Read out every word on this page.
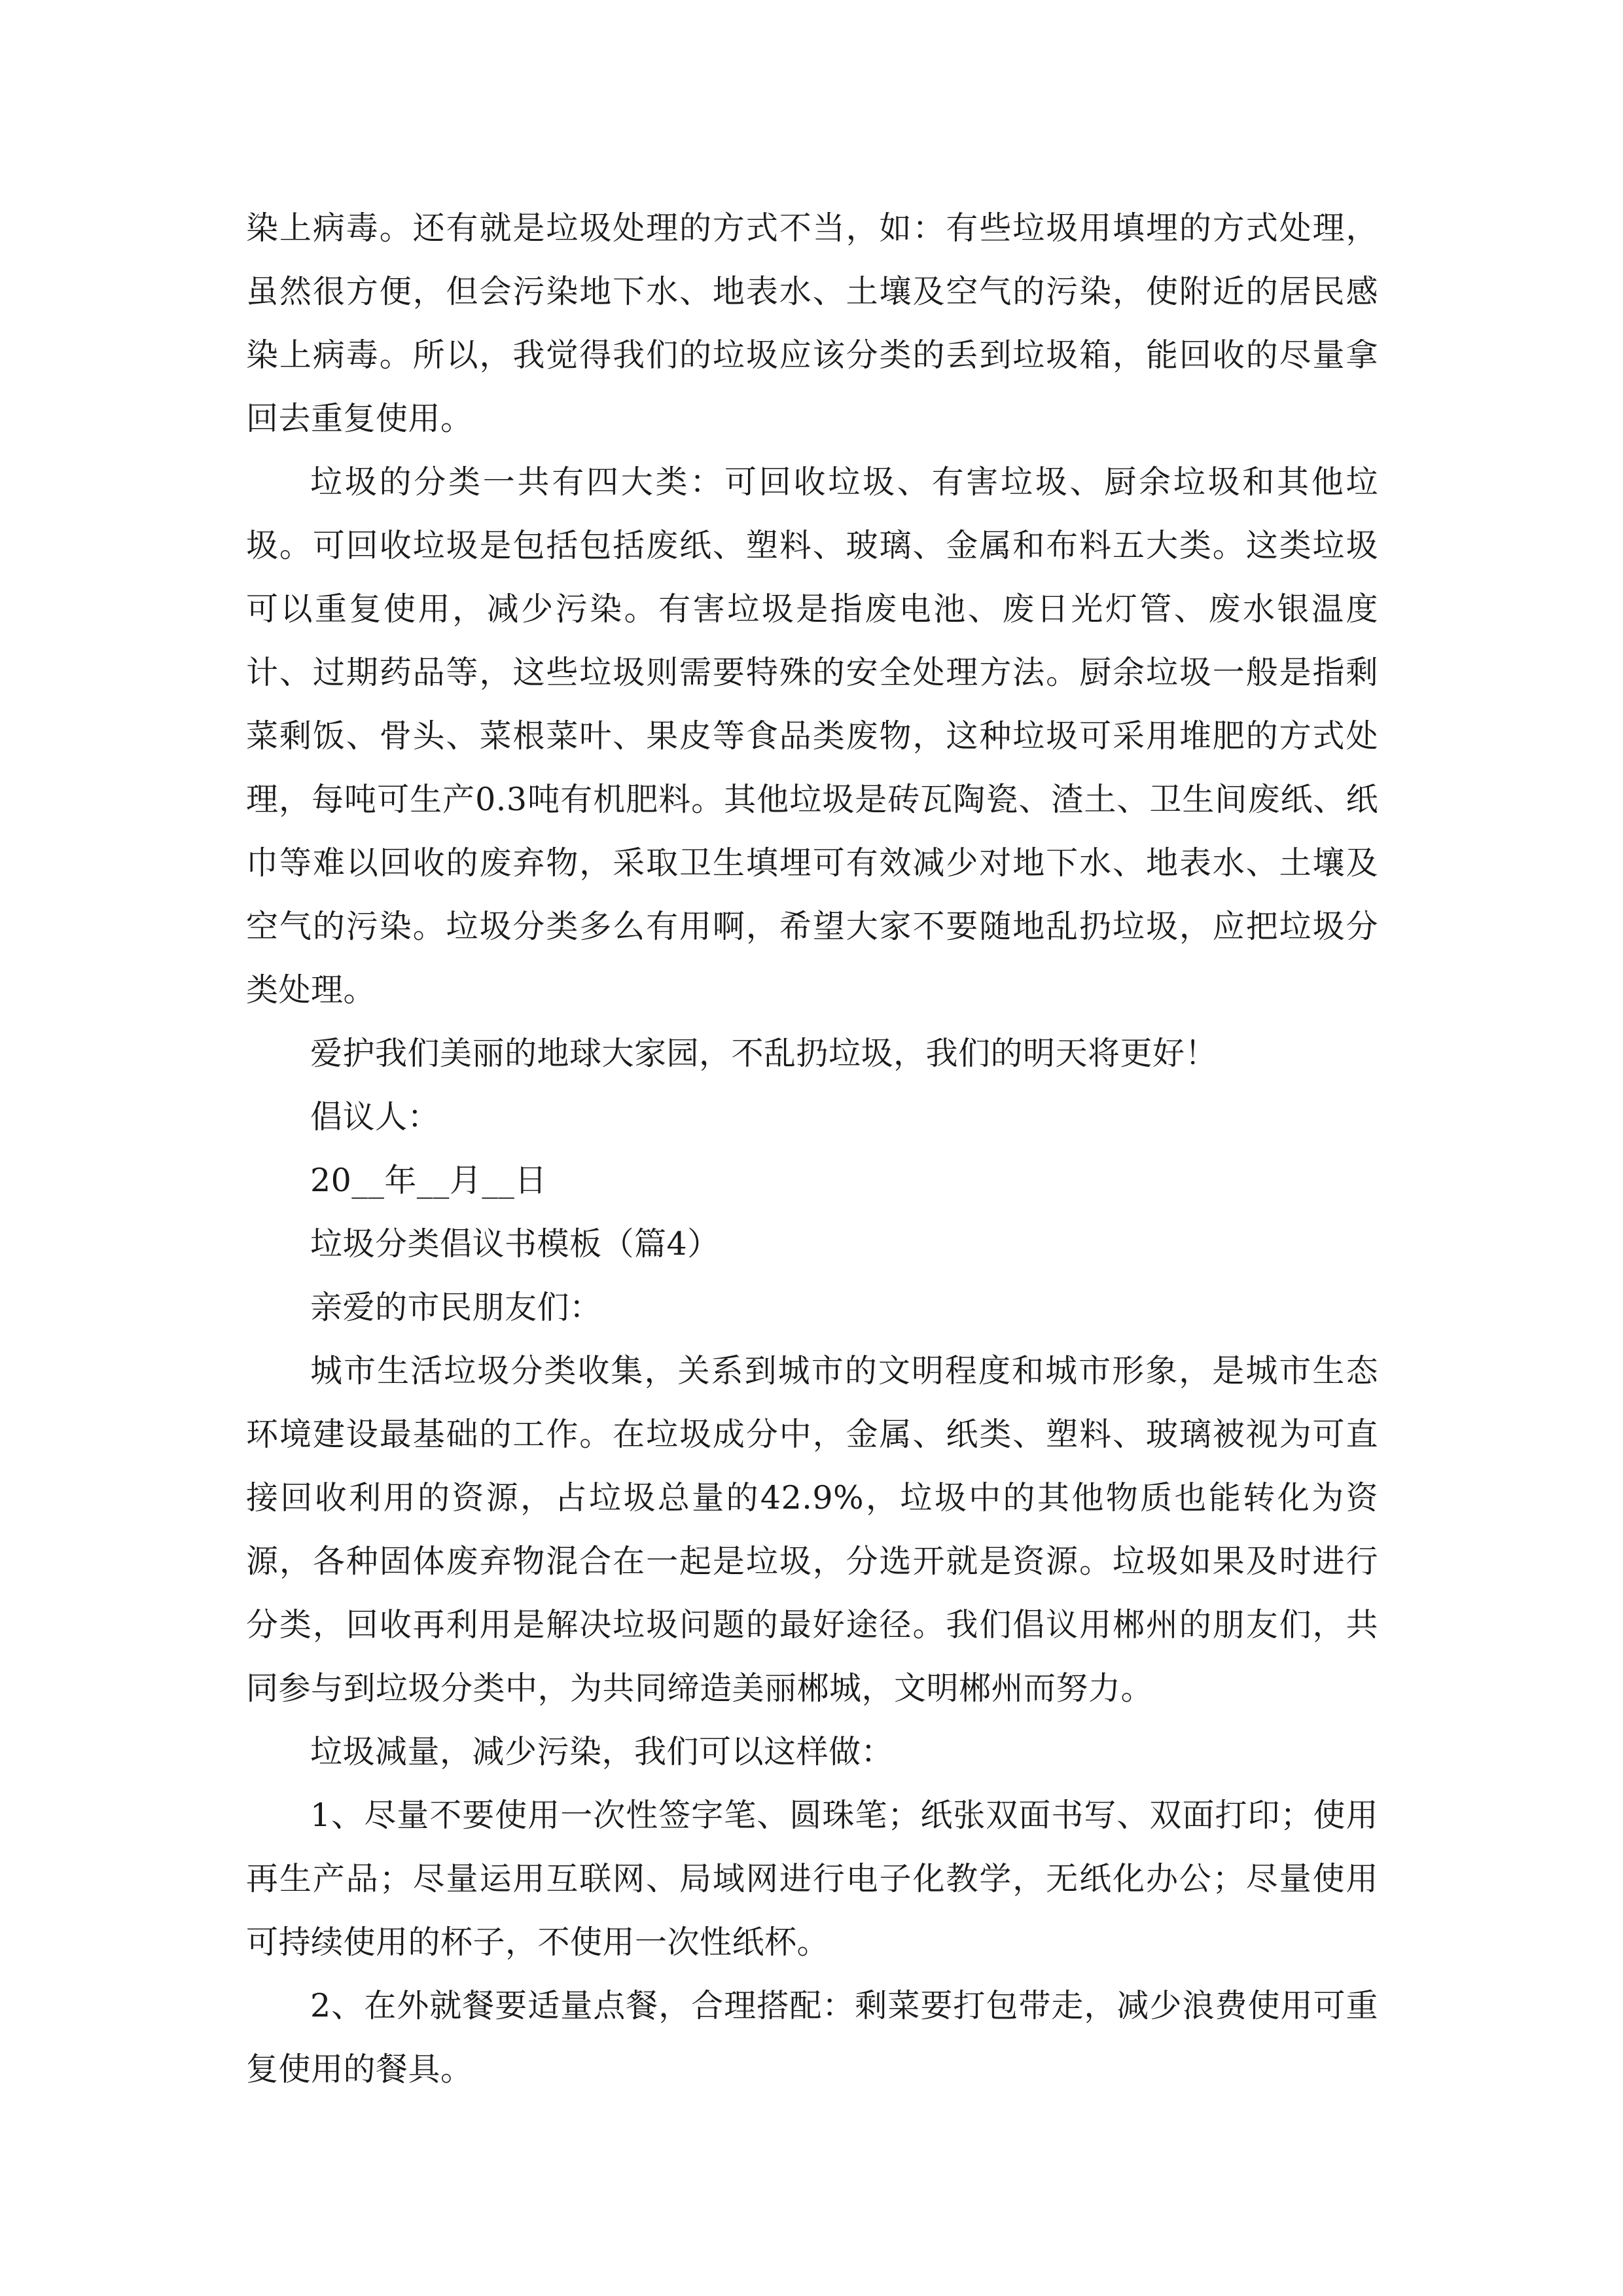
染上病毒。还有就是垃圾处理的方式不当，如：有些垃圾用填埋的方式处理，虽然很方便，但会污染地下水、地表水、土壤及空气的污染，使附近的居民感染上病毒。所以，我觉得我们的垃圾应该分类的丢到垃圾箱，能回收的尽量拿回去重复使用。

垃圾的分类一共有四大类：可回收垃圾、有害垃圾、厨余垃圾和其他垃圾。可回收垃圾是包括包括废纸、塑料、玻璃、金属和布料五大类。这类垃圾可以重复使用，减少污染。有害垃圾是指废电池、废日光灯管、废水银温度计、过期药品等，这些垃圾则需要特殊的安全处理方法。厨余垃圾一般是指剩菜剩饭、骨头、菜根菜叶、果皮等食品类废物，这种垃圾可采用堆肥的方式处理，每吨可生产0.3吨有机肥料。其他垃圾是砖瓦陶瓷、渣土、卫生间废纸、纸巾等难以回收的废弃物，采取卫生填埋可有效减少对地下水、地表水、土壤及空气的污染。垃圾分类多么有用啊，希望大家不要随地乱扔垃圾，应把垃圾分类处理。

爱护我们美丽的地球大家园，不乱扔垃圾，我们的明天将更好！

倡议人：

20__年__月__日

垃圾分类倡议书模板（篇4）

亲爱的市民朋友们：

城市生活垃圾分类收集，关系到城市的文明程度和城市形象，是城市生态环境建设最基础的工作。在垃圾成分中，金属、纸类、塑料、玻璃被视为可直接回收利用的资源，占垃圾总量的42.9%，垃圾中的其他物质也能转化为资源，各种固体废弃物混合在一起是垃圾，分选开就是资源。垃圾如果及时进行分类，回收再利用是解决垃圾问题的最好途径。我们倡议用郴州的朋友们，共同参与到垃圾分类中，为共同缔造美丽郴城，文明郴州而努力。

垃圾减量，减少污染，我们可以这样做：

1、尽量不要使用一次性签字笔、圆珠笔；纸张双面书写、双面打印；使用再生产品；尽量运用互联网、局域网进行电子化教学，无纸化办公；尽量使用可持续使用的杯子，不使用一次性纸杯。

2、在外就餐要适量点餐，合理搭配：剩菜要打包带走，减少浪费使用可重复使用的餐具。
